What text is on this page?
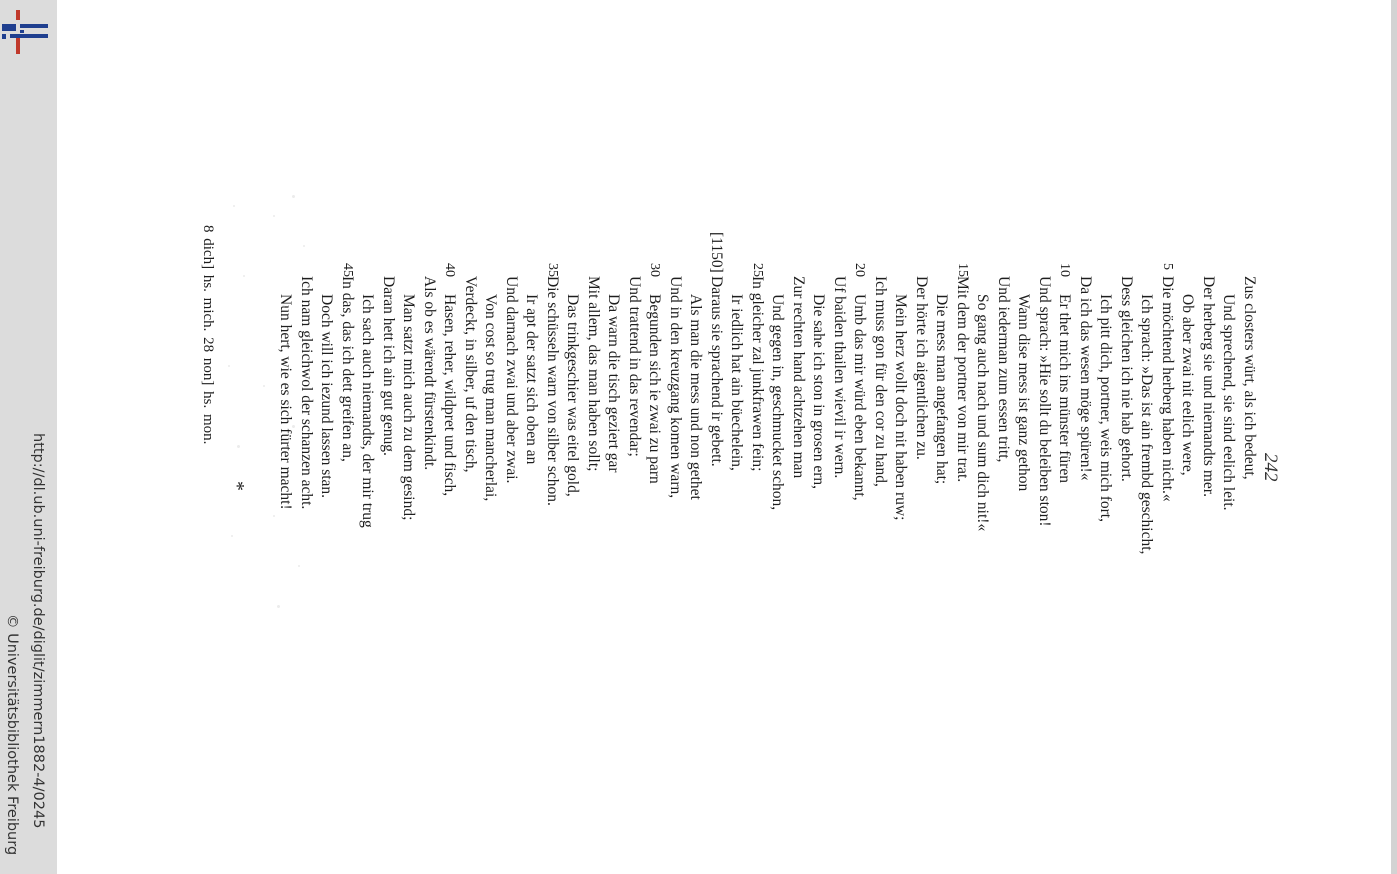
http://dl.ub.uni-freiburg.de/diglit/zimmern1882-4/0245
© Universitätsbibliothek Freiburg
242
Zus closters würt, als ich bedeut,
Und sprechend, sie sind eelich leit.
Der herberg sie und niemandts mer.
Ob aber zwai nit eelich were,
5
Die möchtend herberg haben nicht.«
Ich sprach: »Das ist ain frembd geschicht,
Dess gleichen ich nie hab gehort.
Ich pitt dich, portner, weis mich fort,
Da ich das wesen möge spüren!«
10
Er thet mich ins münster füren
Und sprach: »Hie sollt du beleiben ston!
Wann dise mess ist ganz gethon
Und iederman zum essen tritt,
So gang auch nach und sum dich nit!«
15
Mit dem der portner von mir trat.
Die mess man angefangen hat;
Der hörte ich aigentlichen zu.
Mein herz wollt doch nit haben ruw;
Ich muss gon für den cor zu hand,
20
Umb das mir würd eben bekannt,
Uf baiden thailen wievil ir wern.
Die sahe ich ston in grosen ern,
Zur rechten hand achtzehen man
Und gegen in, geschmucket schon,
25
In gleicher zal junkfrawen fein;
Ir iedlich hat ain büechelein,
[1150]
Daraus sie sprachend ir gebett.
Als man die mess und non gethet
Und in den kreuzgang komen warn,
30
Begunden sich ie zwai zu parn
Und trattend in das revendar;
Da warn die tisch geziert gar
Mit allem, das man haben sollt;
Das trinkgeschier was eitel gold,
35
Die schüsseln warn von silber schon.
Ir apt der satzt sich oben an
Und darnach zwai und aber zwai.
Von cost so trug man mancherlai,
Verdeckt, in silber, uf den tisch,
40
Hasen, reher, wildpret und fisch,
Als ob es wärendt fürstenkindt.
Man satzt mich auch zu dem gesind;
Daran hett ich ain gut genug.
Ich sach auch niemandts, der mir trug
45
In das, das ich dett greifen an,
Doch will ich iezund lassen stan.
Ich nam gleichwol der schanzen acht.
Nun hert, wie es sich fürter macht!
*
8 dich] hs. mich. 28 non] hs. mon.
